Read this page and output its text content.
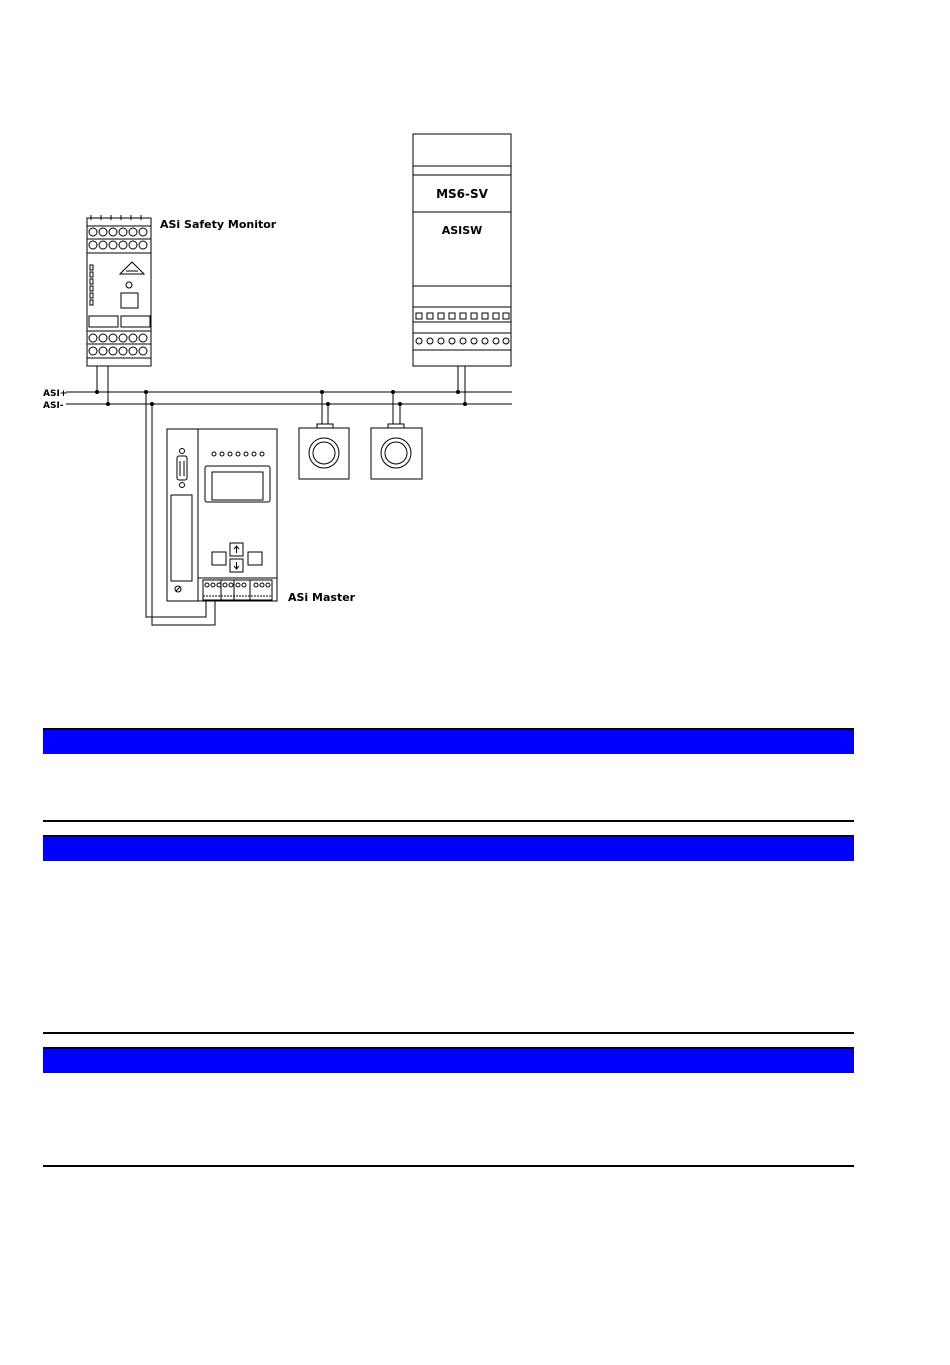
ASi Safety Monitor
MS6-SV
ASISW
ASI+
ASI-
ASi Master
